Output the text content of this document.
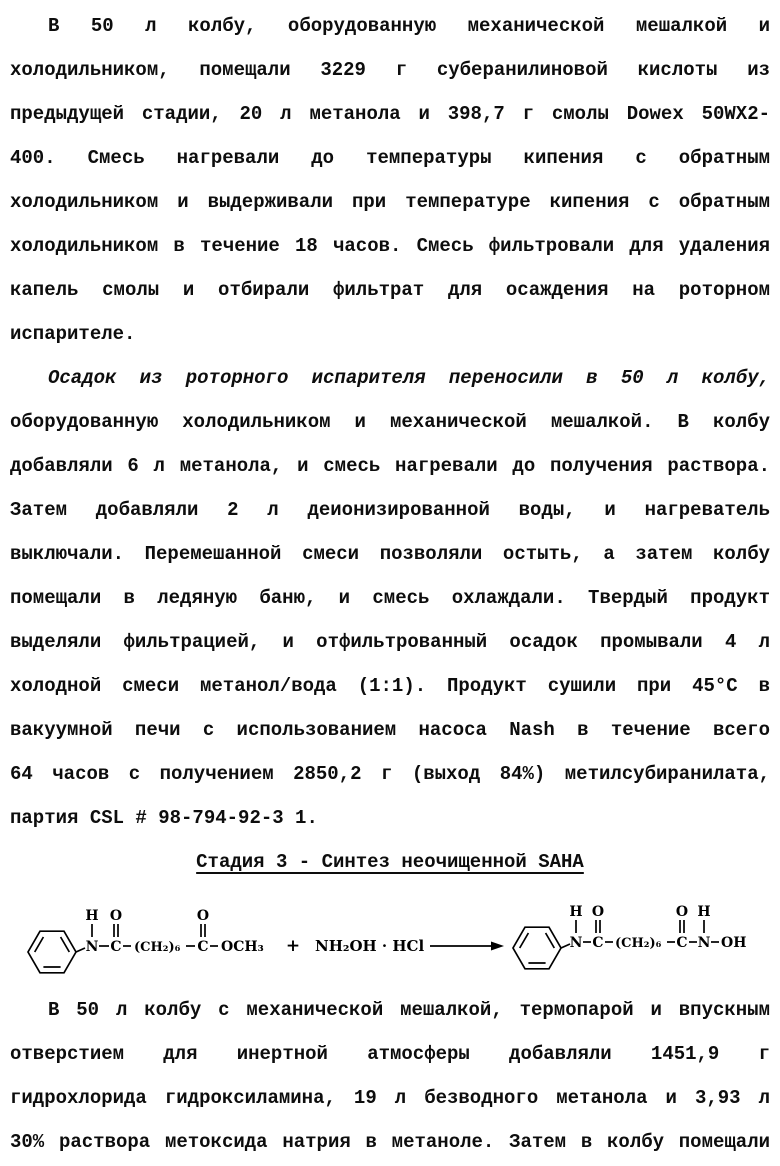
В 50 л колбу, оборудованную механической мешалкой и
холодильником, помещали 3229 г суберанилиновой кислоты из
предыдущей стадии, 20 л метанола и 398,7 г смолы Dowex 50WX2-
400. Смесь нагревали до температуры кипения с обратным
холодильником и выдерживали при температуре кипения с обратным
холодильником в течение 18 часов. Смесь фильтровали для удаления
капель смолы и отбирали фильтрат для осаждения на роторном
испарителе.
Осадок из роторного испарителя переносили в 50 л колбу,
оборудованную холодильником и механической мешалкой. В колбу
добавляли 6 л метанола, и смесь нагревали до получения раствора.
Затем добавляли 2 л деионизированной воды, и нагреватель
выключали. Перемешанной смеси позволяли остыть, а затем колбу
помещали в ледяную баню, и смесь охлаждали. Твердый продукт
выделяли фильтрацией, и отфильтрованный осадок промывали 4 л
холодной смеси метанол/вода (1:1). Продукт сушили при 45°C в
вакуумной печи с использованием насоса Nash в течение всего
64 часов с получением 2850,2 г (выход 84%) метилсубиранилата,
партия CSL # 98-794-92-3 1.
Стадия 3 - Синтез неочищенной SAHA
H
N C
O
(CH₂)₆ C
O
OCH₃ + NH₂OH · HCl
H
N C
O
(CH₂)₆ C
O H
N OH
В 50 л колбу с механической мешалкой, термопарой и впускным
отверстием для инертной атмосферы добавляли 1451,9 г
гидрохлорида гидроксиламина, 19 л безводного метанола и 3,93 л
30% раствора метоксида натрия в метаноле. Затем в колбу помещали
